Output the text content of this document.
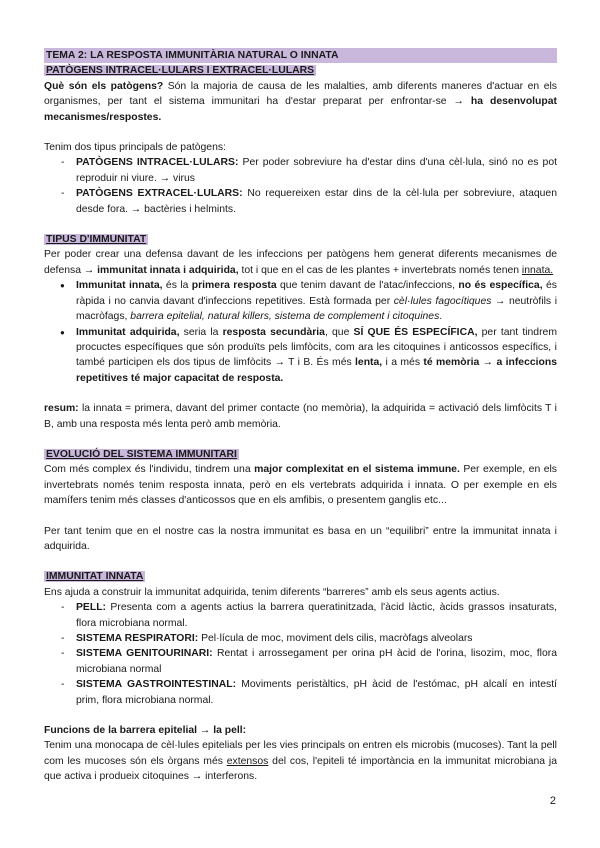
TEMA 2: LA RESPOSTA IMMUNITÀRIA NATURAL O INNATA
PATÒGENS INTRACEL·LULARS I EXTRACEL·LULARS

Què són els patògens? Són la majoria de causa de les malalties, amb diferents maneres d'actuar en els organismes, per tant el sistema immunitari ha d'estar preparat per enfrontar-se → ha desenvolupat mecanismes/respostes.

Tenim dos tipus principals de patògens:

- PATÒGENS INTRACEL·LULARS: Per poder sobreviure ha d'estar dins d'una cèl·lula, sinó no es pot reproduir ni viure. → virus
- PATÒGENS EXTRACEL·LULARS: No requereixen estar dins de la cèl·lula per sobreviure, ataquen desde fora. → bactèries i helmints.
TIPUS D'IMMUNITAT

Per poder crear una defensa davant de les infeccions per patògens hem generat diferents mecanismes de defensa → immunitat innata i adquirida, tot i que en el cas de les plantes + invertebrats només tenen innata.

● Immunitat innata, és la primera resposta que tenim davant de l'atac/infeccions, no és específica, és ràpida i no canvia davant d'infeccions repetitives. Està formada per cèl·lules fagocítiques → neutròfils i macròfags, barrera epitelial, natural killers, sistema de complement i citoquines.
● Immunitat adquirida, seria la resposta secundària, que SÍ QUE ÉS ESPECÍFICA, per tant tindrem procuctes específiques que són produïts pels limfòcits, com ara les citoquines i anticossos específics, i també participen els dos tipus de limfòcits → T i B. És més lenta, i a més té memòria → a infeccions repetitives té major capacitat de resposta.

resum: la innata = primera, davant del primer contacte (no memòria), la adquirida = activació dels limfòcits T i B, amb una resposta més lenta però amb memòria.

EVOLUCIÓ DEL SISTEMA IMMUNITARI

Com més complex és l'individu, tindrem una major complexitat en el sistema immune. Per exemple, en els invertebrats només tenim resposta innata, però en els vertebrats adquirida i innata. O per exemple en els mamífers tenim més classes d'anticossos que en els amfibis, o presentem ganglis etc...

Per tant tenim que en el nostre cas la nostra immunitat es basa en un “equilibri” entre la immunitat innata i adquirida.

IMMUNITAT INNATA

Ens ajuda a construir la immunitat adquirida, tenim diferents “barreres” amb els seus agents actius.

- PELL: Presenta com a agents actius la barrera queratinitzada, l'àcid làctic, àcids grassos insaturats, flora microbiana normal.
- SISTEMA RESPIRATORI: Pel·lícula de moc, moviment dels cilis, macròfags alveolars
- SISTEMA GENITOURINARI: Rentat i arrossegament per orina pH àcid de l'orina, lisozim, moc, flora microbiana normal
- SISTEMA GASTROINTESTINAL: Moviments peristàltics, pH àcid de l'estómac, pH alcalí en intestí prim, flora microbiana normal.

Funcions de la barrera epitelial → la pell:

Tenim una monocapa de cèl·lules epitelials per les vies principals on entren els microbis (mucoses). Tant la pell com les mucoses són els òrgans més extensos del cos, l'epiteli té importància en la immunitat microbiana ja que activa i produeix citoquines → interferons.

2
